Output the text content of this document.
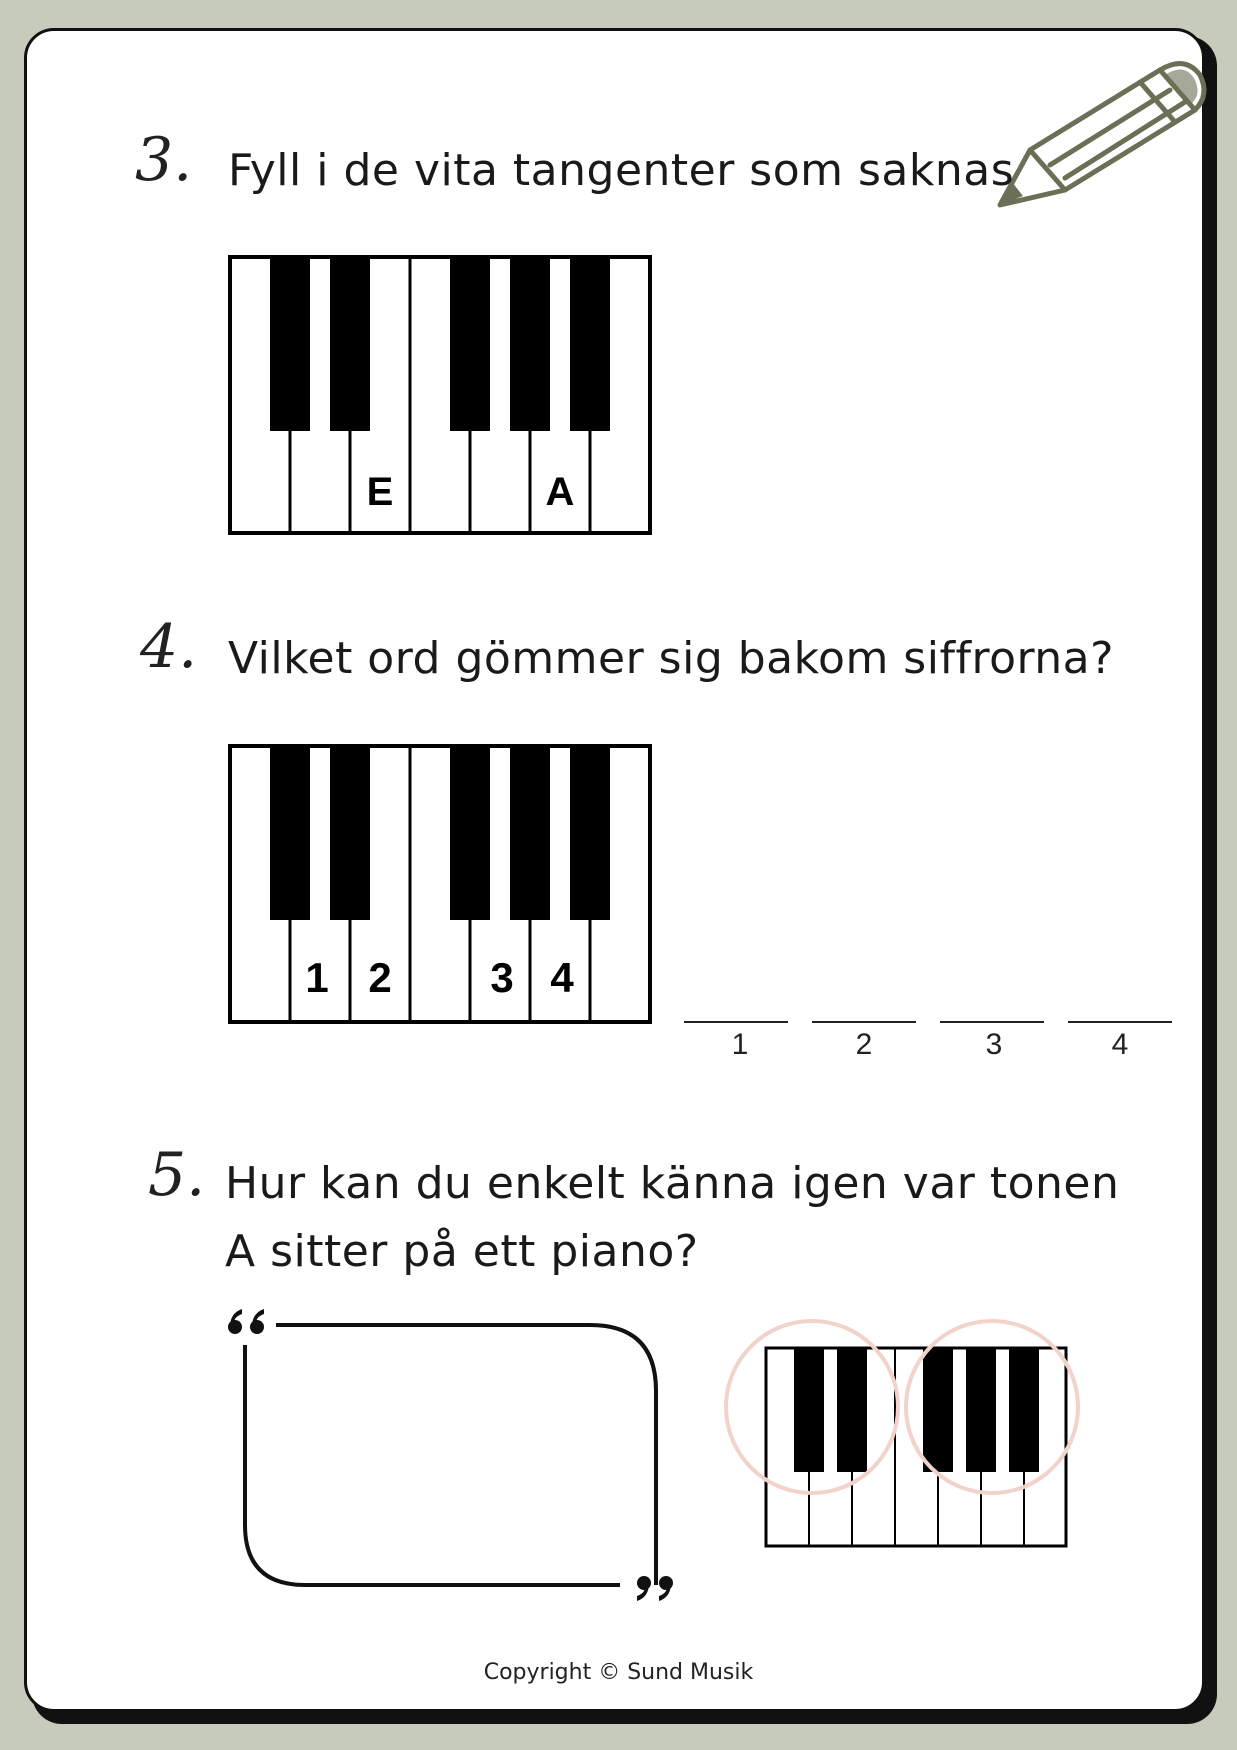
3. Fyll i de vita tangenter som saknas
E	A
4. Vilket ord gömmer sig bakom siffrorna?
1 2 3 4
1	2	3	4
5. Hur kan du enkelt känna igen var tonen
A sitter på ett piano?
Copyright © Sund Musik
